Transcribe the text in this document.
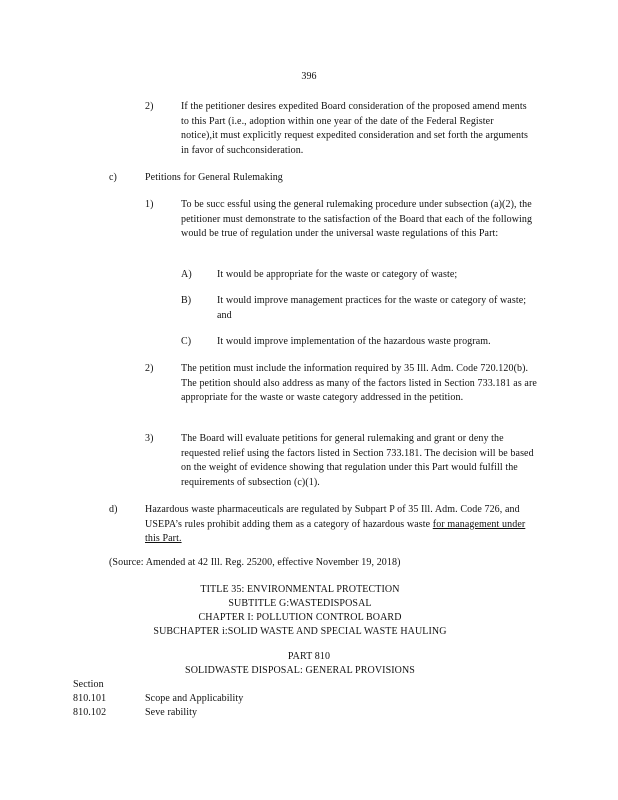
396
2)	If the petitioner desires expedited Board consideration of the proposed amend ments to this Part (i.e., adoption within one year of the date of the Federal Register notice),it must explicitly request expedited consideration and set forth the arguments in favor of suchconsideration.
c)	Petitions for General Rulemaking
1)	To be succ essful using the general rulemaking procedure under subsection (a)(2), the petitioner must demonstrate to the satisfaction of the Board that each of the following would be true of regulation under the universal waste regulations of this Part:
A)	It would be appropriate for the waste or category of waste;
B)	It would improve management practices for the waste or category of waste; and
C)	It would improve implementation of the hazardous waste program.
2)	The petition must include the information required by 35 Ill. Adm. Code 720.120(b). The petition should also address as many of the factors listed in Section 733.181 as are appropriate for the waste or waste category addressed in the petition.
3)	The Board will evaluate petitions for general rulemaking and grant or deny the requested relief using the factors listed in Section 733.181. The decision will be based on the weight of evidence showing that regulation under this Part would fulfill the requirements of subsection (c)(1).
d)	Hazardous waste pharmaceuticals are regulated by Subpart P of 35 Ill. Adm. Code 726, and USEPA’s rules prohibit adding them as a category of hazardous waste for management under this Part.
(Source: Amended at 42 Ill. Reg. 25200, effective November 19, 2018)
TITLE 35: ENVIRONMENTAL PROTECTION
SUBTITLE G:WASTEDISPOSAL
CHAPTER I: POLLUTION CONTROL BOARD
SUBCHAPTER i:SOLID WASTE AND SPECIAL WASTE HAULING
PART 810
SOLIDWASTE DISPOSAL: GENERAL PROVISIONS
Section
810.101	Scope and Applicability
810.102	Seve rability
